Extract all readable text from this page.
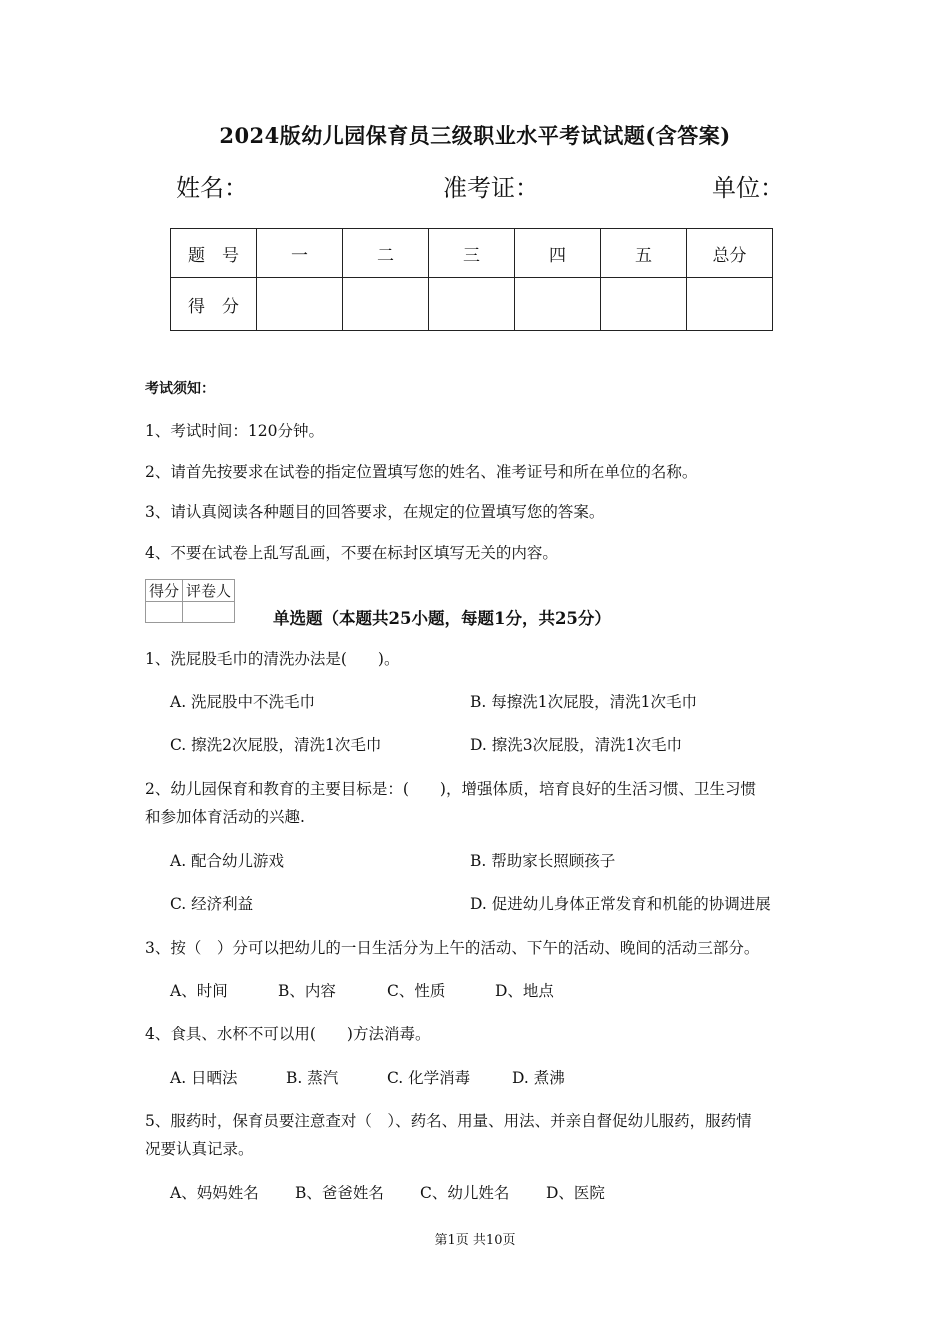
2024版幼儿园保育员三级职业水平考试试题(含答案)
姓名：	准考证：	单位：
题　号	一	二	三	四	五	总分
得　分						
考试须知：
1、考试时间：120分钟。
2、请首先按要求在试卷的指定位置填写您的姓名、准考证号和所在单位的名称。
3、请认真阅读各种题目的回答要求，在规定的位置填写您的答案。
4、不要在试卷上乱写乱画，不要在标封区填写无关的内容。
得分	评卷人

单选题（本题共25小题，每题1分，共25分）
1、洗屁股毛巾的清洗办法是(　　)。
A. 洗屁股中不洗毛巾	B. 每擦洗1次屁股，清洗1次毛巾
C. 擦洗2次屁股，清洗1次毛巾	D. 擦洗3次屁股，清洗1次毛巾
2、幼儿园保育和教育的主要目标是：(　　)，增强体质，培育良好的生活习惯、卫生习惯
和参加体育活动的兴趣.
A. 配合幼儿游戏	B. 帮助家长照顾孩子
C. 经济利益	D. 促进幼儿身体正常发育和机能的协调进展
3、按（　）分可以把幼儿的一日生活分为上午的活动、下午的活动、晚间的活动三部分。
A、时间	B、内容	C、性质	D、地点
4、食具、水杯不可以用(　　)方法消毒。
A. 日晒法	B. 蒸汽	C. 化学消毒	D. 煮沸
5、服药时，保育员要注意查对（　）、药名、用量、用法、并亲自督促幼儿服药，服药情
况要认真记录。
A、妈妈姓名 B、爸爸姓名 C、幼儿姓名 D、医院
第1页 共10页
